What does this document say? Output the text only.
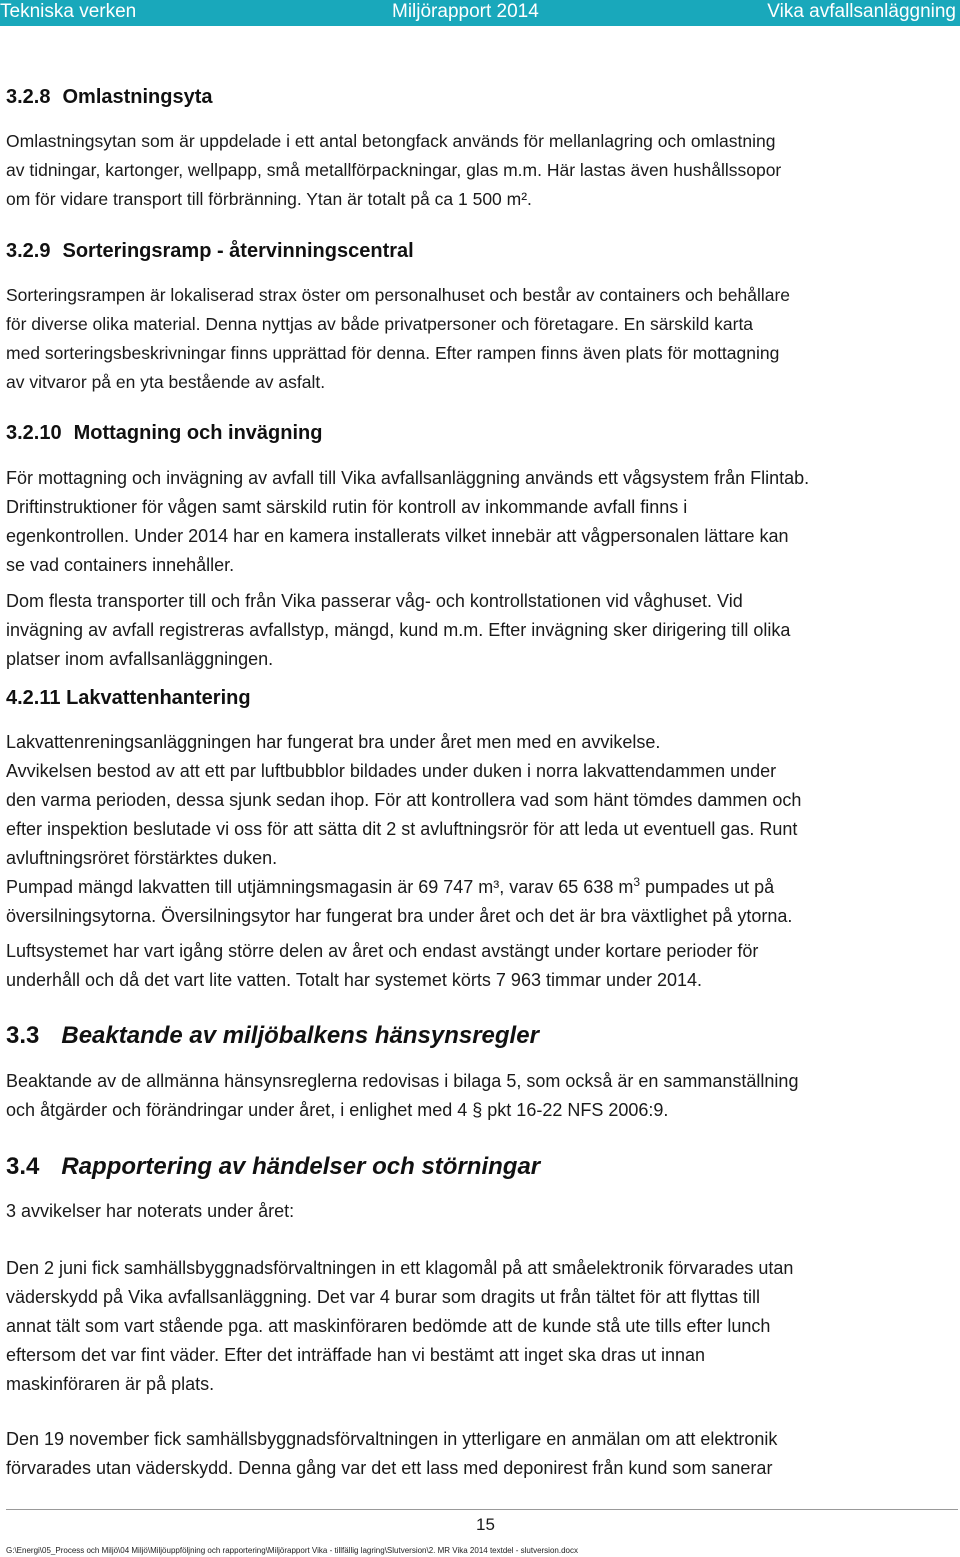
Tekniska verken	Miljörapport 2014	Vika avfallsanläggning
3.2.8 Omlastningsyta
Omlastningsytan som är uppdelade i ett antal betongfack används för mellanlagring och omlastning
av tidningar, kartonger, wellpapp, små metallförpackningar, glas m.m. Här lastas även hushållssopor
om för vidare transport till förbränning. Ytan är totalt på ca 1 500 m².
3.2.9 Sorteringsramp - återvinningscentral
Sorteringsrampen är lokaliserad strax öster om personalhuset och består av containers och behållare
för diverse olika material. Denna nyttjas av både privatpersoner och företagare. En särskild karta
med sorteringsbeskrivningar finns upprättad för denna. Efter rampen finns även plats för mottagning
av vitvaror på en yta bestående av asfalt.
3.2.10 Mottagning och invägning
För mottagning och invägning av avfall till Vika avfallsanläggning används ett vågsystem från Flintab.
Driftinstruktioner för vågen samt särskild rutin för kontroll av inkommande avfall finns i
egenkontrollen. Under 2014 har en kamera installerats vilket innebär att vågpersonalen lättare kan
se vad containers innehåller.
Dom flesta transporter till och från Vika passerar våg- och kontrollstationen vid våghuset. Vid
invägning av avfall registreras avfallstyp, mängd, kund m.m. Efter invägning sker dirigering till olika
platser inom avfallsanläggningen.
4.2.11 Lakvattenhantering
Lakvattenreningsanläggningen har fungerat bra under året men med en avvikelse.
Avvikelsen bestod av att ett par luftbubblor bildades under duken i norra lakvattendammen under
den varma perioden, dessa sjunk sedan ihop. För att kontrollera vad som hänt tömdes dammen och
efter inspektion beslutade vi oss för att sätta dit 2 st avluftningsrör för att leda ut eventuell gas. Runt
avluftningsröret förstärktes duken.
Pumpad mängd lakvatten till utjämningsmagasin är 69 747 m³, varav 65 638 $m^3$ pumpades ut på
översilningsytorna. Översilningsytor har fungerat bra under året och det är bra växtlighet på ytorna.
Luftsystemet har vart igång större delen av året och endast avstängt under kortare perioder för
underhåll och då det vart lite vatten. Totalt har systemet körts 7 963 timmar under 2014.
3.3 Beaktande av miljöbalkens hänsynsregler
Beaktande av de allmänna hänsynsreglerna redovisas i bilaga 5, som också är en sammanställning
och åtgärder och förändringar under året, i enlighet med 4 § pkt 16-22 NFS 2006:9.
3.4 Rapportering av händelser och störningar
3 avvikelser har noterats under året:
Den 2 juni fick samhällsbyggnadsförvaltningen in ett klagomål på att småelektronik förvarades utan
väderskydd på Vika avfallsanläggning. Det var 4 burar som dragits ut från tältet för att flyttas till
annat tält som vart stående pga. att maskinföraren bedömde att de kunde stå ute tills efter lunch
eftersom det var fint väder. Efter det inträffade han vi bestämt att inget ska dras ut innan
maskinföraren är på plats.
Den 19 november fick samhällsbyggnadsförvaltningen in ytterligare en anmälan om att elektronik
förvarades utan väderskydd. Denna gång var det ett lass med deponirest från kund som sanerar
15
G:\Energi\05_Process och Miljö\04 Miljö\Miljöuppföljning och rapportering\Miljörapport Vika - tillfällig lagring\Slutversion\2. MR Vika 2014 textdel - slutversion.docx
